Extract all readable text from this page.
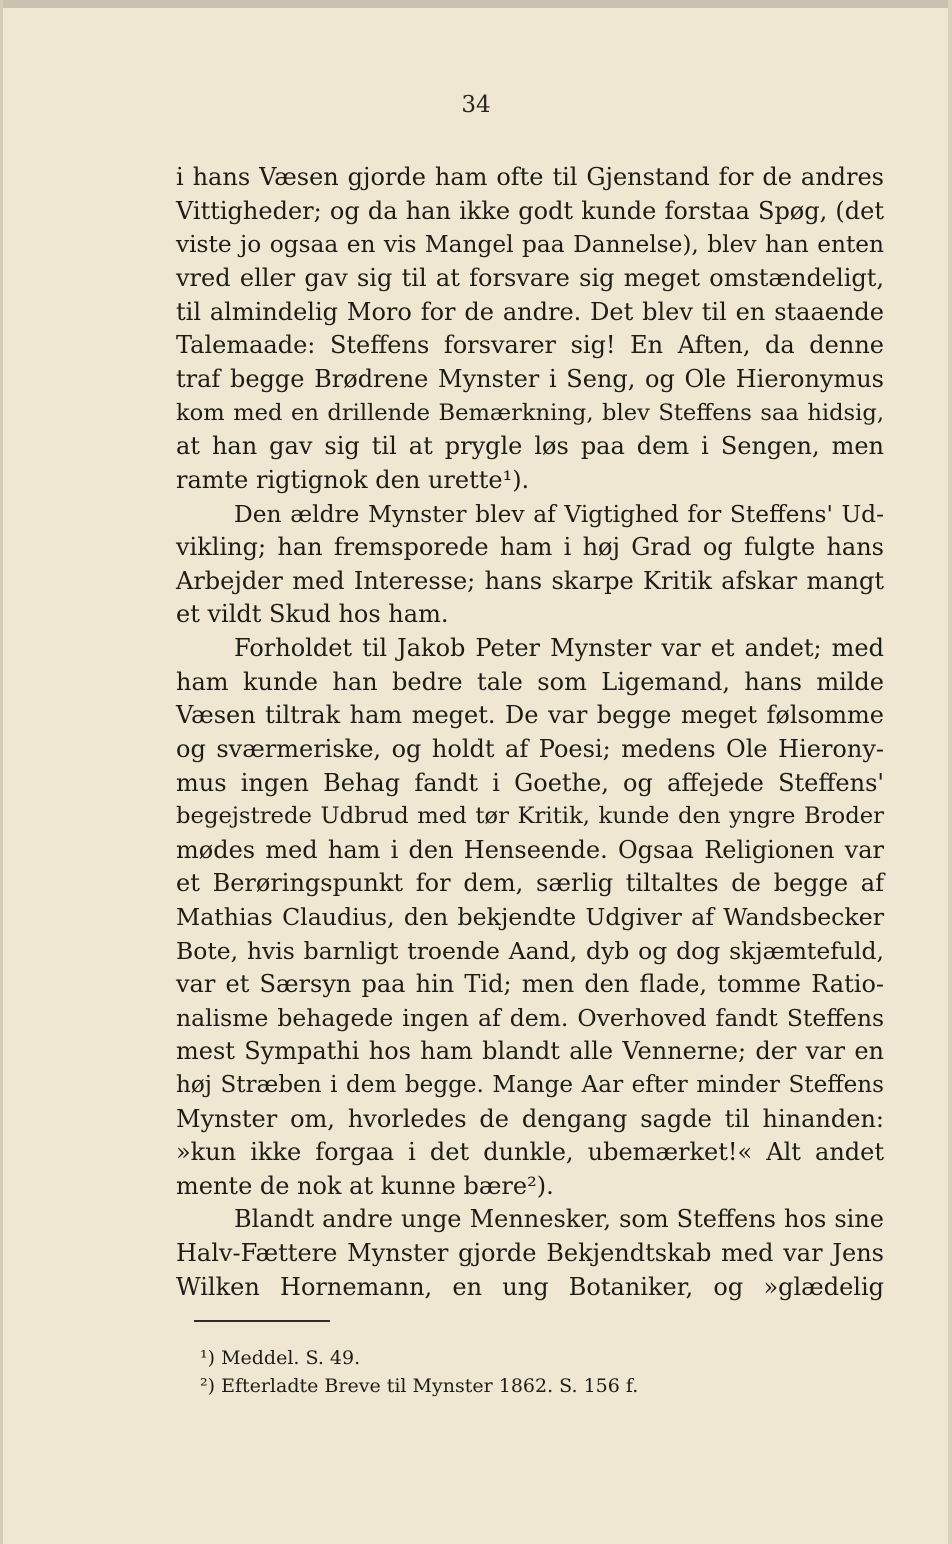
34
i hans Væsen gjorde ham ofte til Gjenstand for de andres
Vittigheder; og da han ikke godt kunde forstaa Spøg, (det
viste jo ogsaa en vis Mangel paa Dannelse), blev han enten
vred eller gav sig til at forsvare sig meget omstændeligt,
til almindelig Moro for de andre. Det blev til en staaende
Talemaade: Steffens forsvarer sig! En Aften, da denne
traf begge Brødrene Mynster i Seng, og Ole Hieronymus
kom med en drillende Bemærkning, blev Steffens saa hidsig,
at han gav sig til at prygle løs paa dem i Sengen, men
ramte rigtignok den urette¹).
Den ældre Mynster blev af Vigtighed for Steffens' Ud-
vikling; han fremsporede ham i høj Grad og fulgte hans
Arbejder med Interesse; hans skarpe Kritik afskar mangt
et vildt Skud hos ham.
Forholdet til Jakob Peter Mynster var et andet; med
ham kunde han bedre tale som Ligemand, hans milde
Væsen tiltrak ham meget. De var begge meget følsomme
og sværmeriske, og holdt af Poesi; medens Ole Hierony-
mus ingen Behag fandt i Goethe, og affejede Steffens'
begejstrede Udbrud med tør Kritik, kunde den yngre Broder
mødes med ham i den Henseende. Ogsaa Religionen var
et Berøringspunkt for dem, særlig tiltaltes de begge af
Mathias Claudius, den bekjendte Udgiver af Wandsbecker
Bote, hvis barnligt troende Aand, dyb og dog skjæmtefuld,
var et Særsyn paa hin Tid; men den flade, tomme Ratio-
nalisme behagede ingen af dem. Overhoved fandt Steffens
mest Sympathi hos ham blandt alle Vennerne; der var en
høj Stræben i dem begge. Mange Aar efter minder Steffens
Mynster om, hvorledes de dengang sagde til hinanden:
»kun ikke forgaa i det dunkle, ubemærket!« Alt andet
mente de nok at kunne bære²).
Blandt andre unge Mennesker, som Steffens hos sine
Halv-Fættere Mynster gjorde Bekjendtskab med var Jens
Wilken Hornemann, en ung Botaniker, og »glædelig
¹) Meddel. S. 49.
²) Efterladte Breve til Mynster 1862. S. 156 f.
